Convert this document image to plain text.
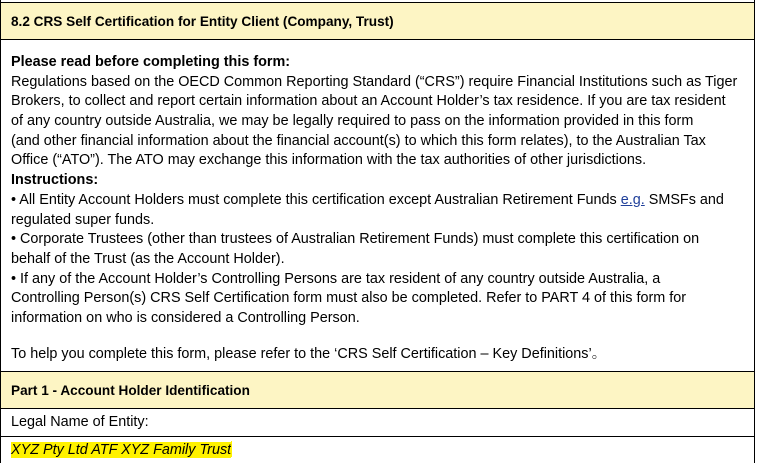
8.2 CRS Self Certification for Entity Client (Company, Trust)
Please read before completing this form:
Regulations based on the OECD Common Reporting Standard (“CRS”) require Financial Institutions such as Tiger
Brokers, to collect and report certain information about an Account Holder’s tax residence. If you are tax resident
of any country outside Australia, we may be legally required to pass on the information provided in this form
(and other financial information about the financial account(s) to which this form relates), to the Australian Tax
Office (“ATO”). The ATO may exchange this information with the tax authorities of other jurisdictions.
Instructions:
• All Entity Account Holders must complete this certification except Australian Retirement Funds e.g. SMSFs and
regulated super funds.
• Corporate Trustees (other than trustees of Australian Retirement Funds) must complete this certification on
behalf of the Trust (as the Account Holder).
• If any of the Account Holder’s Controlling Persons are tax resident of any country outside Australia, a
Controlling Person(s) CRS Self Certification form must also be completed. Refer to PART 4 of this form for
information on who is considered a Controlling Person.
To help you complete this form, please refer to the ‘CRS Self Certification – Key Definitions’。
Part 1 - Account Holder Identification
Legal Name of Entity:
XYZ Pty Ltd ATF XYZ Family Trust
